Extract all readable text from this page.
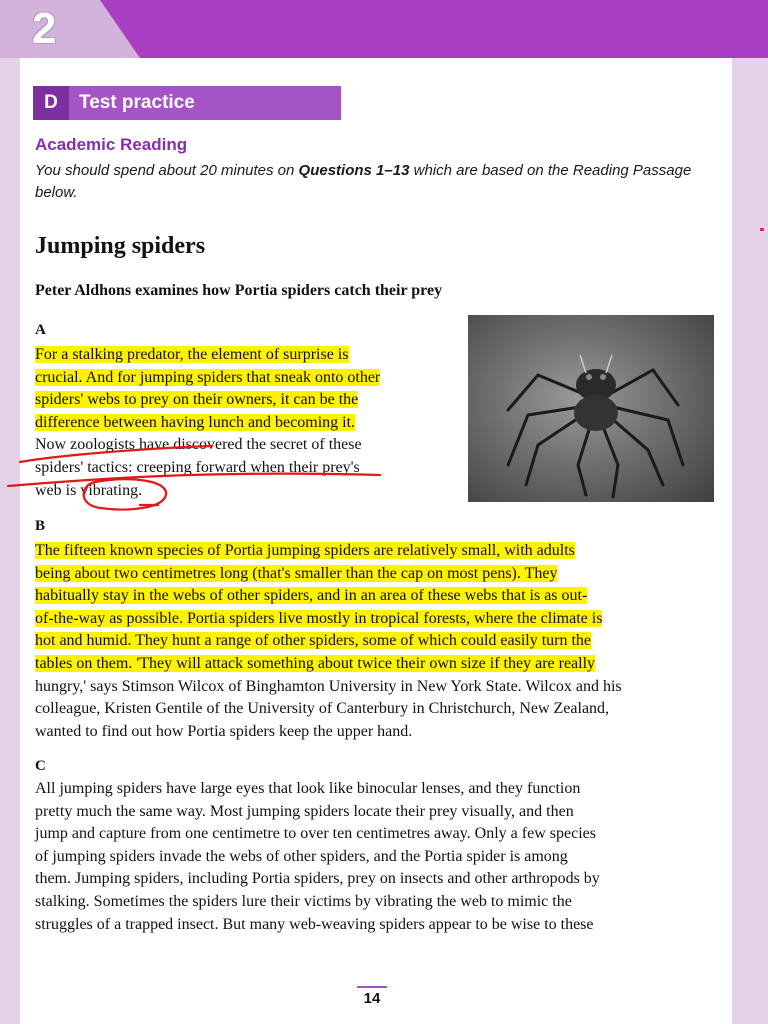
2
D	Test practice
Academic Reading
You should spend about 20 minutes on Questions 1–13 which are based on the Reading Passage below.
Jumping spiders
Peter Aldhons examines how Portia spiders catch their prey
A

For a stalking predator, the element of surprise is

crucial. And for jumping spiders that sneak onto other

spiders' webs to prey on their owners, it can be the

difference between having lunch and becoming it.

Now zoologists have discovered the secret of these

spiders' tactics: creeping forward when their prey's

web is vibrating.

B

The fifteen known species of Portia jumping spiders are relatively small, with adults

being about two centimetres long (that's smaller than the cap on most pens). They

habitually stay in the webs of other spiders, and in an area of these webs that is as out-

of-the-way as possible. Portia spiders live mostly in tropical forests, where the climate is

hot and humid. They hunt a range of other spiders, some of which could easily turn the

tables on them. 'They will attack something about twice their own size if they are really

hungry,' says Stimson Wilcox of Binghamton University in New York State. Wilcox and his

colleague, Kristen Gentile of the University of Canterbury in Christchurch, New Zealand,

wanted to find out how Portia spiders keep the upper hand.

C

All jumping spiders have large eyes that look like binocular lenses, and they function

pretty much the same way. Most jumping spiders locate their prey visually, and then

jump and capture from one centimetre to over ten centimetres away. Only a few species

of jumping spiders invade the webs of other spiders, and the Portia spider is among

them. Jumping spiders, including Portia spiders, prey on insects and other arthropods by

stalking. Sometimes the spiders lure their victims by vibrating the web to mimic the

struggles of a trapped insect. But many web-weaving spiders appear to be wise to these

14
